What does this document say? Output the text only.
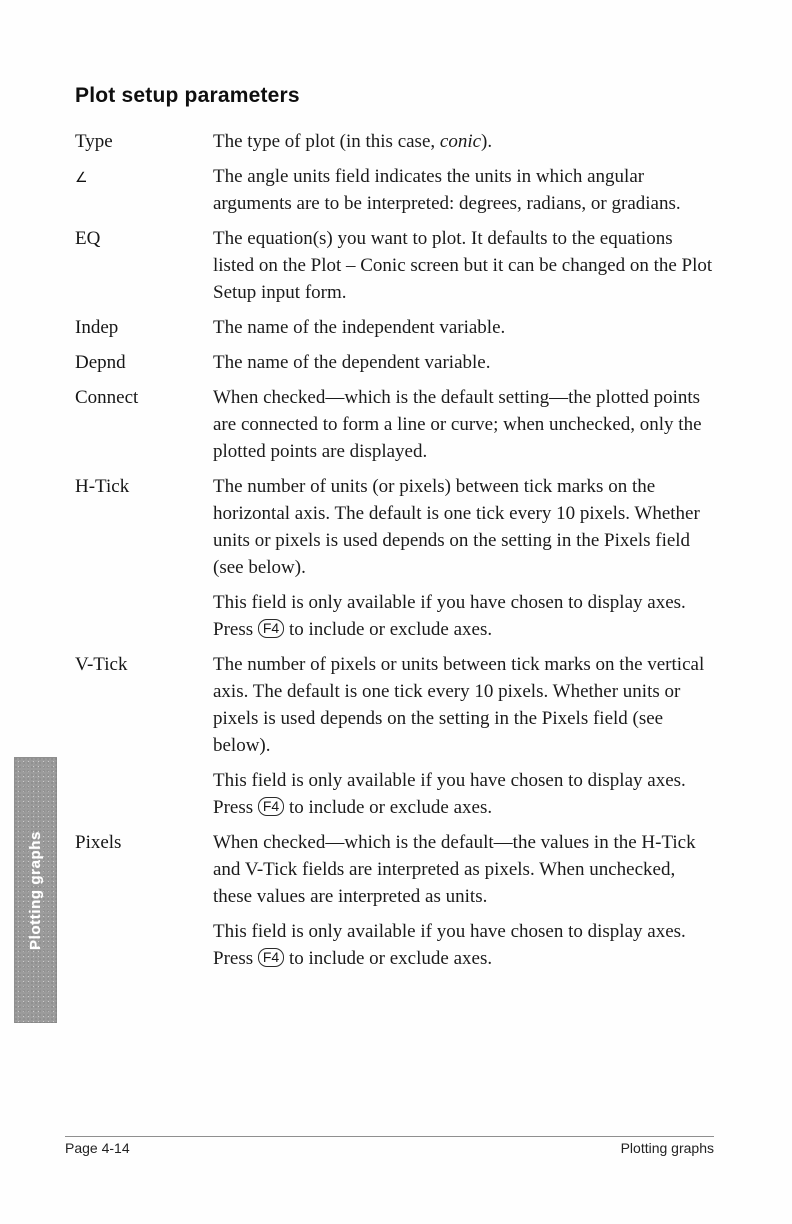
Plotting graphs
Plot setup parameters
Type	The type of plot (in this case, conic).

∠	The angle units field indicates the units in which angular arguments are to be interpreted: degrees, radians, or gradians.

EQ	The equation(s) you want to plot. It defaults to the equations listed on the Plot – Conic screen but it can be changed on the Plot Setup input form.

Indep	The name of the independent variable.

Depnd	The name of the dependent variable.

Connect	When checked—which is the default setting—the plotted points are connected to form a line or curve; when unchecked, only the plotted points are displayed.

H-Tick	The number of units (or pixels) between tick marks on the horizontal axis. The default is one tick every 10 pixels. Whether units or pixels is used depends on the setting in the Pixels field (see below).

This field is only available if you have chosen to display axes. Press F4 to include or exclude axes.

V-Tick	The number of pixels or units between tick marks on the vertical axis. The default is one tick every 10 pixels. Whether units or pixels is used depends on the setting in the Pixels field (see below).

This field is only available if you have chosen to display axes. Press F4 to include or exclude axes.

Pixels	When checked—which is the default—the values in the H-Tick and V-Tick fields are interpreted as pixels. When unchecked, these values are interpreted as units.

This field is only available if you have chosen to display axes. Press F4 to include or exclude axes.

Page 4-14	Plotting graphs
